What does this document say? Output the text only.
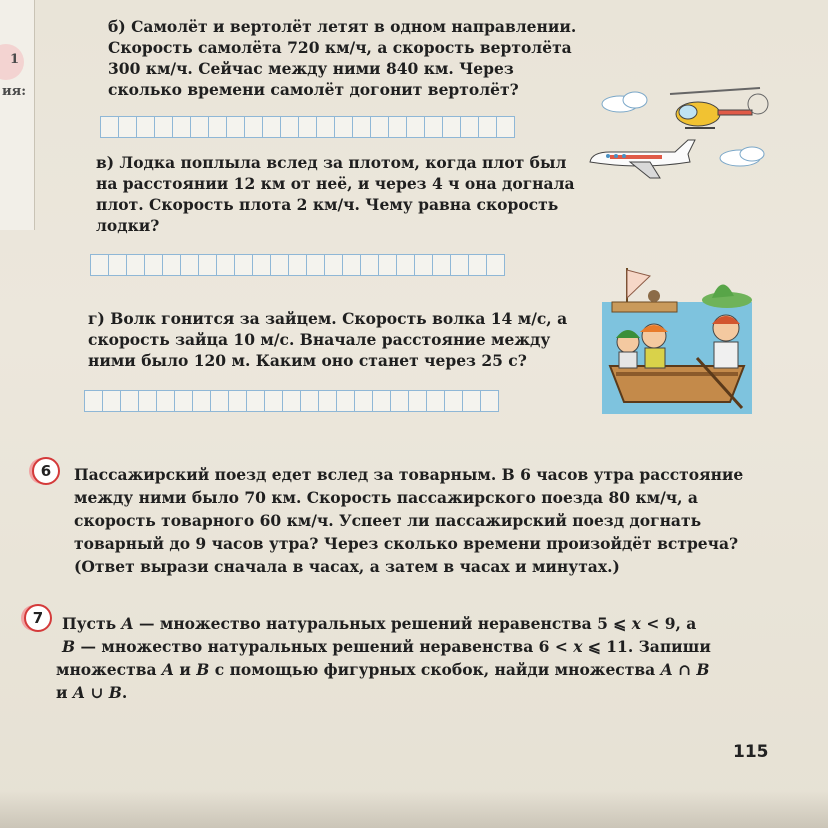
1
ия:
б) Самолёт и вертолёт летят в одном направлении.
Скорость самолёта 720 км/ч, а скорость вертолёта
300 км/ч. Сейчас между ними 840 км. Через
сколько времени самолёт догонит вертолёт?
в) Лодка поплыла вслед за плотом, когда плот был
на расстоянии 12 км от неё, и через 4 ч она догнала
плот. Скорость плота 2 км/ч. Чему равна скорость
лодки?
г) Волк гонится за зайцем. Скорость волка 14 м/с, а
скорость зайца 10 м/с. Вначале расстояние между
ними было 120 м. Каким оно станет через 25 с?
6	Пассажирский поезд едет вслед за товарным. В 6 часов утра расстояние
между ними было 70 км. Скорость пассажирского поезда 80 км/ч, а
скорость товарного 60 км/ч. Успеет ли пассажирский поезд догнать
товарный до 9 часов утра? Через сколько времени произойдёт встреча?
(Ответ вырази сначала в часах, а затем в часах и минутах.)
7	Пусть A — множество натуральных решений неравенства 5 ⩽ x < 9, а
B — множество натуральных решений неравенства 6 < x ⩽ 11. Запиши
множества A и B с помощью фигурных скобок, найди множества A ∩ B
и A ∪ B.
115
